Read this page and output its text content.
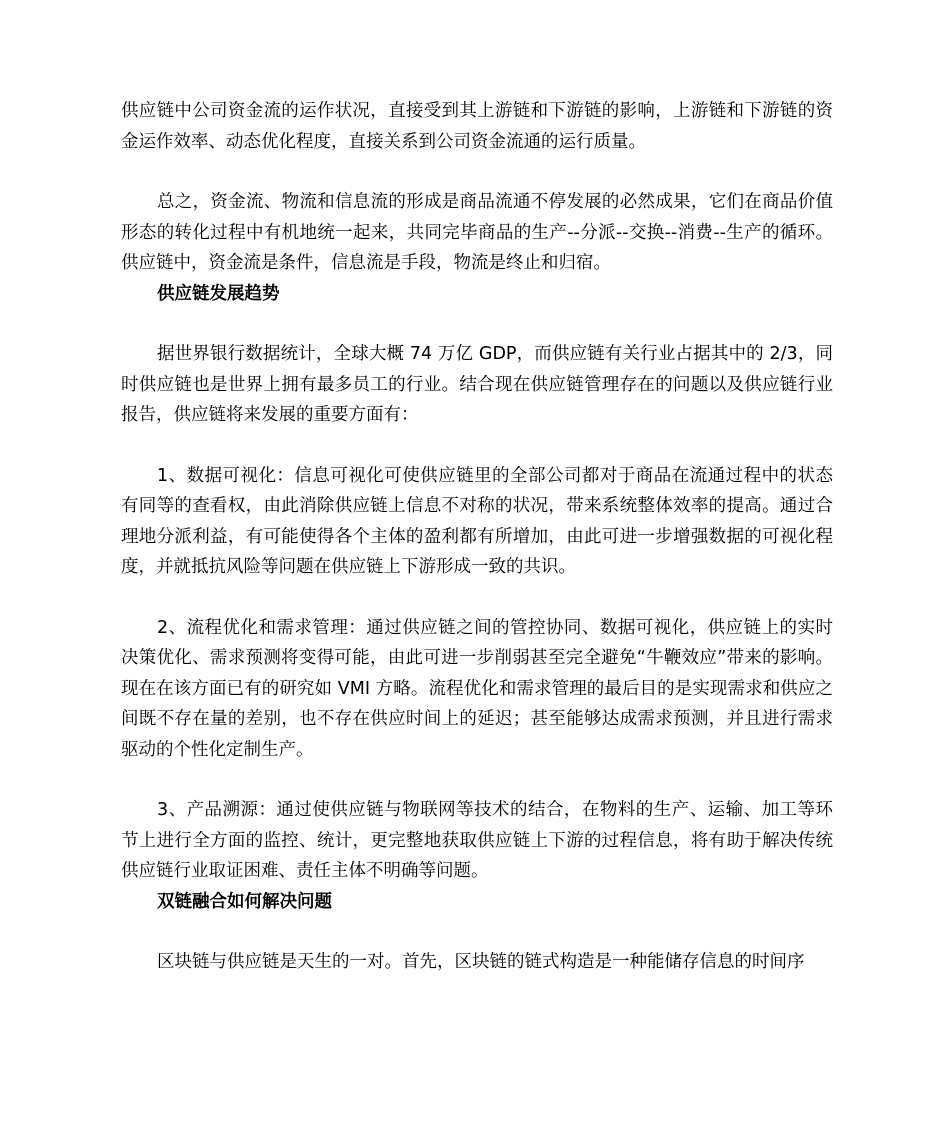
供应链中公司资金流的运作状况，直接受到其上游链和下游链的影响，上游链和下游链的资金运作效率、动态优化程度，直接关系到公司资金流通的运行质量。

总之，资金流、物流和信息流的形成是商品流通不停发展的必然成果，它们在商品价值形态的转化过程中有机地统一起来，共同完毕商品的生产--分派--交换--消费--生产的循环。供应链中，资金流是条件，信息流是手段，物流是终止和归宿。

供应链发展趋势

据世界银行数据统计，全球大概 74 万亿 GDP，而供应链有关行业占据其中的 2/3，同时供应链也是世界上拥有最多员工的行业。结合现在供应链管理存在的问题以及供应链行业报告，供应链将来发展的重要方面有：

1、数据可视化：信息可视化可使供应链里的全部公司都对于商品在流通过程中的状态有同等的查看权，由此消除供应链上信息不对称的状况，带来系统整体效率的提高。通过合理地分派利益，有可能使得各个主体的盈利都有所增加，由此可进一步增强数据的可视化程度，并就抵抗风险等问题在供应链上下游形成一致的共识。

2、流程优化和需求管理：通过供应链之间的管控协同、数据可视化，供应链上的实时决策优化、需求预测将变得可能，由此可进一步削弱甚至完全避免“牛鞭效应”带来的影响。现在在该方面已有的研究如 VMI 方略。流程优化和需求管理的最后目的是实现需求和供应之间既不存在量的差别，也不存在供应时间上的延迟；甚至能够达成需求预测，并且进行需求驱动的个性化定制生产。

3、产品溯源：通过使供应链与物联网等技术的结合，在物料的生产、运输、加工等环节上进行全方面的监控、统计，更完整地获取供应链上下游的过程信息，将有助于解决传统供应链行业取证困难、责任主体不明确等问题。

双链融合如何解决问题

区块链与供应链是天生的一对。首先，区块链的链式构造是一种能储存信息的时间序
